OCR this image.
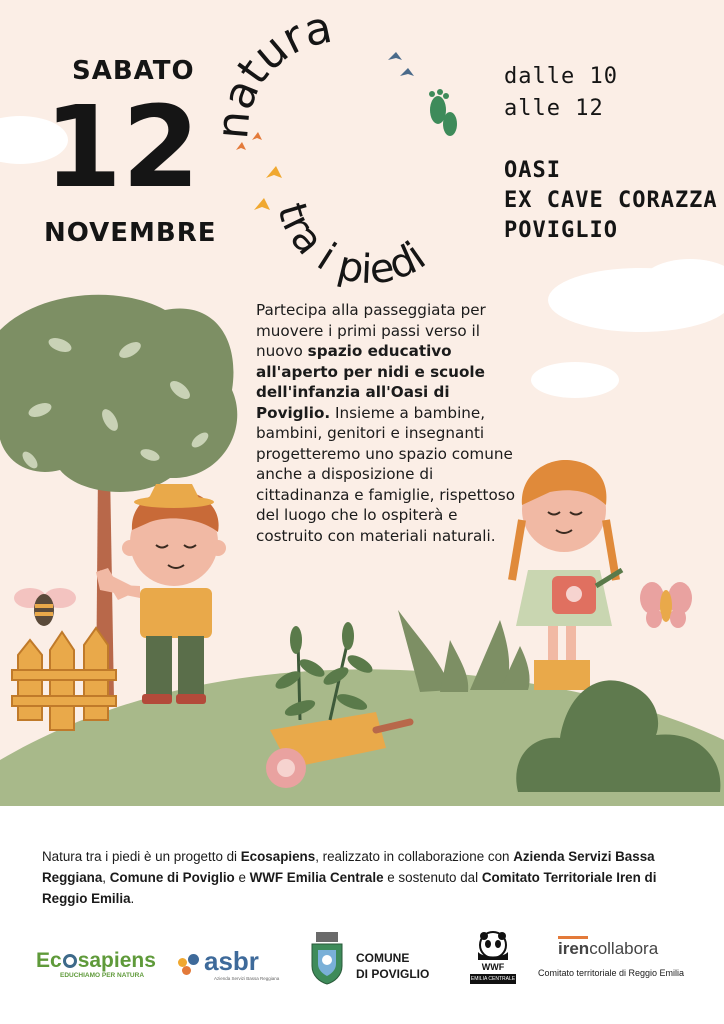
natura
tra i piedi
SABATO
12
NOVEMBRE
dalle 10
alle 12
OASI
EX CAVE CORAZZA
POVIGLIO

Partecipa alla passeggiata per muovere i primi passi verso il nuovo spazio educativo all'aperto per nidi e scuole dell'infanzia all'Oasi di Poviglio. Insieme a bambine, bambini, genitori e insegnanti progetteremo uno spazio comune anche a disposizione di cittadinanza e famiglie, rispettoso del luogo che lo ospiterà e costruito con materiali naturali.

Natura tra i piedi è un progetto di Ecosapiens, realizzato in collaborazione con Azienda Servizi Bassa Reggiana, Comune di Poviglio e WWF Emilia Centrale e sostenuto dal Comitato Territoriale Iren di Reggio Emilia.

Ec sapiens
EDUCHIAMO PER NATURA	asbr
Azienda Servizi Bassa Reggiana
COMUNE
DI POVIGLIO	WWF
EMILIA CENTRALE
irencollabora
Comitato territoriale di Reggio Emilia
